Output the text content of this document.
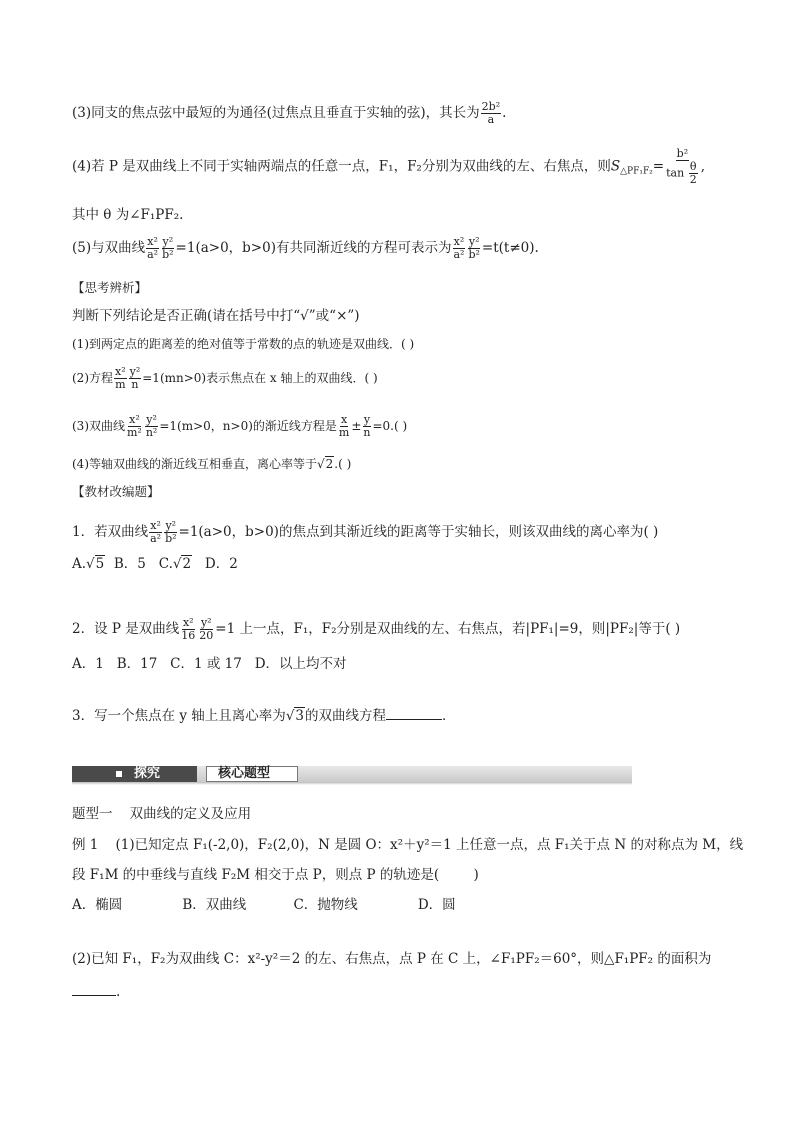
(3)同支的焦点弦中最短的为通径(过焦点且垂直于实轴的弦)，其长为 $\frac{\text{2b²}}{a}$ .
(4)若 P 是双曲线上不同于实轴两端点的任意一点，F₁，F₂分别为双曲线的左、右焦点，则$S_{\triangle PF_1F_2}= \frac{\text{b²}}{\tan \frac{\theta}{2}}$ ,
其中 θ 为∠F₁PF₂.
(5)与双曲线 $\frac{\text{x²}}{\text{a²}} \frac{\text{y²}}{\text{b²}} =1(a>0$，b>0)有共同渐近线的方程可表示为 $\frac{\text{x²}}{\text{a²}} \frac{\text{y²}}{\text{b²}} =t(t\ne 0)$.
【思考辨析】
判断下列结论是否正确(请在括号中打“√”或“×”)
(1)到两定点的距离差的绝对值等于常数的点的轨迹是双曲线．( )
(2)方程 $\frac{\text{x²}}{m} \frac{\text{y²}}{n} =1(mn>0)$表示焦点在 x 轴上的双曲线．( )
(3)双曲线 $\frac{\text{x²}}{\text{m²}} \frac{\text{y²}}{\text{n²}} =1(m>0$，n>0)的渐近线方程是 $\frac{x}{m} \pm \frac{y}{n} =0$.( )
(4)等轴双曲线的渐近线互相垂直，离心率等于√2.( )
【教材改编题】
1．若双曲线 $\frac{\text{x²}}{\text{a²}} \frac{\text{y²}}{\text{b²}} =1(a>0$，b>0)的焦点到其渐近线的距离等于实轴长，则该双曲线的离心率为( )
A.√5  B．5   C.√2   D．2
2．设 P 是双曲线 $\frac{\text{x²}}{16} \frac{\text{y²}}{20} =1$ 上一点，F₁，F₂分别是双曲线的左、右焦点，若|PF₁|=9，则|PF₂|等于( )
A．1   B．17   C．1 或 17   D．以上均不对
3．写一个焦点在 y 轴上且离心率为√3的双曲线方程	．
探究	核心题型
题型一    双曲线的定义及应用
例 1    (1)已知定点 F₁(-2,0)，F₂(2,0)，N 是圆 O：x²＋y²＝1 上任意一点，点 F₁关于点 N 的对称点为 M，线
段 F₁M 的中垂线与直线 F₂M 相交于点 P，则点 P 的轨迹是(        )
A．椭圆              B．双曲线           C．抛物线              D．圆
(2)已知 F₁，F₂为双曲线 C：x²-y²＝2 的左、右焦点，点 P 在 C 上，∠F₁PF₂＝60°，则△F₁PF₂ 的面积为
.
